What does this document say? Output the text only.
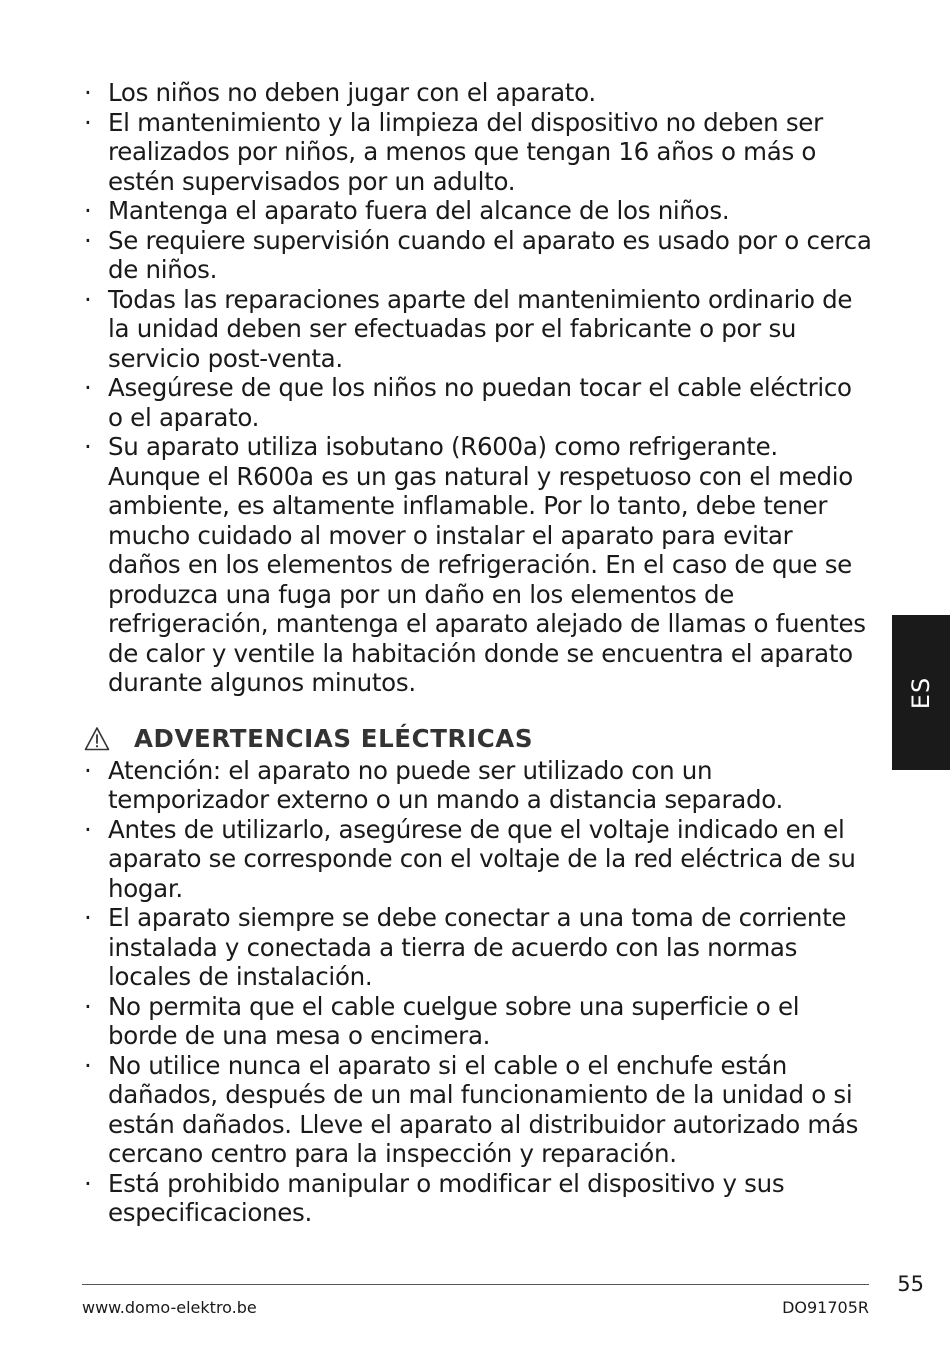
· Los niños no deben jugar con el aparato.
· El mantenimiento y la limpieza del dispositivo no deben ser realizados por niños, a menos que tengan 16 años o más o estén supervisados por un adulto.
· Mantenga el aparato fuera del alcance de los niños.
· Se requiere supervisión cuando el aparato es usado por o cerca de niños.
· Todas las reparaciones aparte del mantenimiento ordinario de la unidad deben ser efectuadas por el fabricante o por su servicio post-venta.
· Asegúrese de que los niños no puedan tocar el cable eléctrico o el aparato.
· Su aparato utiliza isobutano (R600a) como refrigerante. Aunque el R600a es un gas natural y respetuoso con el medio ambiente, es altamente inflamable. Por lo tanto, debe tener mucho cuidado al mover o instalar el aparato para evitar daños en los elementos de refrigeración. En el caso de que se produzca una fuga por un daño en los elementos de refrigeración, mantenga el aparato alejado de llamas o fuentes de calor y ventile la habitación donde se encuentra el aparato durante algunos minutos.
ADVERTENCIAS ELÉCTRICAS
· Atención: el aparato no puede ser utilizado con un temporizador externo o un mando a distancia separado.
· Antes de utilizarlo, asegúrese de que el voltaje indicado en el aparato se corresponde con el voltaje de la red eléctrica de su hogar.
· El aparato siempre se debe conectar a una toma de corriente instalada y conectada a tierra de acuerdo con las normas locales de instalación.
· No permita que el cable cuelgue sobre una superficie o el borde de una mesa o encimera.
· No utilice nunca el aparato si el cable o el enchufe están dañados, después de un mal funcionamiento de la unidad o si están dañados. Lleve el aparato al distribuidor autorizado más cercano centro para la inspección y reparación.
· Está prohibido manipular o modificar el dispositivo y sus especificaciones.
ES
55
www.domo-elektro.be	DO91705R
